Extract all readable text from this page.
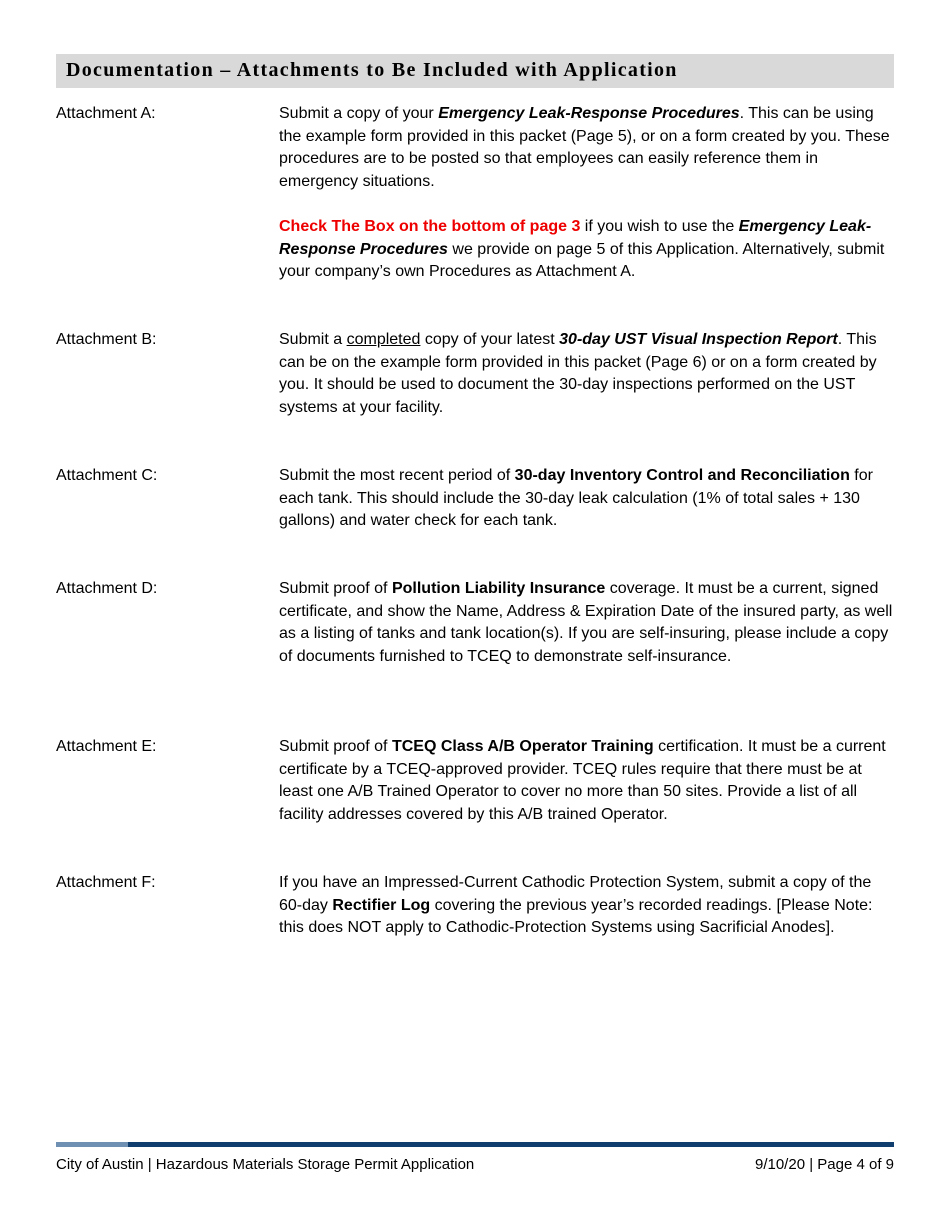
Documentation – Attachments to Be Included with Application
Attachment A:	Submit a copy of your Emergency Leak-Response Procedures. This can be using the example form provided in this packet (Page 5), or on a form created by you. These procedures are to be posted so that employees can easily reference them in emergency situations.

Check The Box on the bottom of page 3 if you wish to use the Emergency Leak-Response Procedures we provide on page 5 of this Application. Alternatively, submit your company’s own Procedures as Attachment A.

Attachment B:	Submit a completed copy of your latest 30-day UST Visual Inspection Report. This can be on the example form provided in this packet (Page 6) or on a form created by you. It should be used to document the 30-day inspections performed on the UST systems at your facility.

Attachment C:	Submit the most recent period of 30-day Inventory Control and Reconciliation for each tank. This should include the 30-day leak calculation (1% of total sales + 130 gallons) and water check for each tank.

Attachment D:	Submit proof of Pollution Liability Insurance coverage. It must be a current, signed certificate, and show the Name, Address & Expiration Date of the insured party, as well as a listing of tanks and tank location(s). If you are self-insuring, please include a copy of documents furnished to TCEQ to demonstrate self-insurance.

Attachment E:	Submit proof of TCEQ Class A/B Operator Training certification. It must be a current certificate by a TCEQ-approved provider. TCEQ rules require that there must be at least one A/B Trained Operator to cover no more than 50 sites. Provide a list of all facility addresses covered by this A/B trained Operator.

Attachment F:	If you have an Impressed-Current Cathodic Protection System, submit a copy of the 60-day Rectifier Log covering the previous year’s recorded readings. [Please Note: this does NOT apply to Cathodic-Protection Systems using Sacrificial Anodes].

City of Austin | Hazardous Materials Storage Permit Application	9/10/20 | Page 4 of 9
